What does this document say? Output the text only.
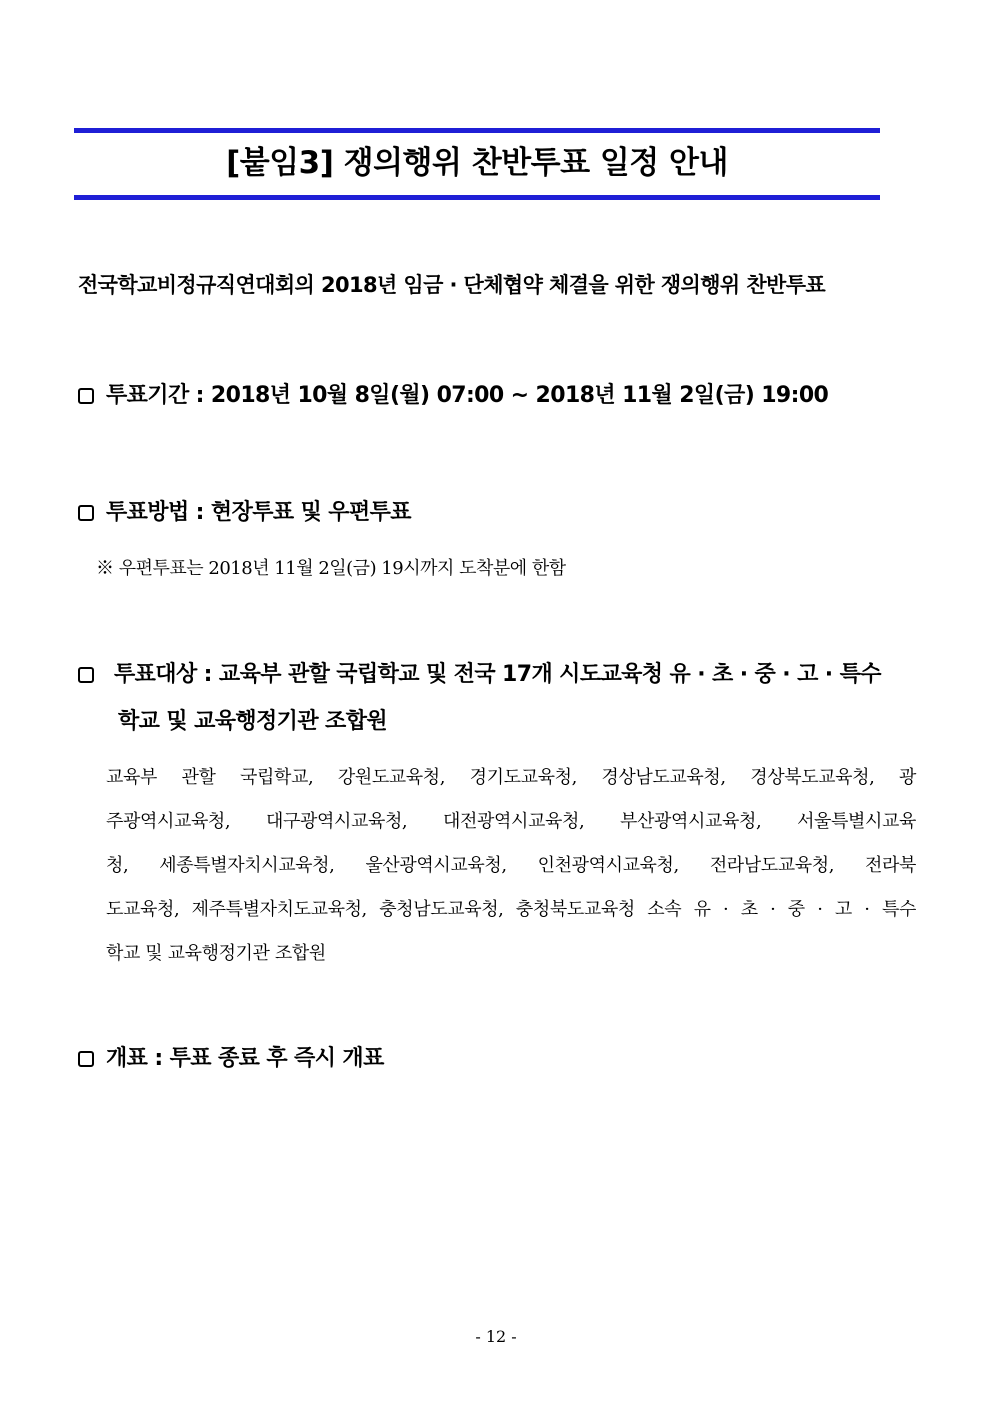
[붙임3] 쟁의행위 찬반투표 일정 안내
전국학교비정규직연대회의 2018년 임금 · 단체협약 체결을 위한 쟁의행위 찬반투표
투표기간 : 2018년 10월 8일(월) 07:00 ~ 2018년 11월 2일(금) 19:00
투표방법 : 현장투표 및 우편투표
※ 우편투표는 2018년 11월 2일(금) 19시까지 도착분에 한함
투표대상 : 교육부 관할 국립학교 및 전국 17개 시도교육청 유 · 초 · 중 · 고 · 특수
학교 및 교육행정기관 조합원
교육부 관할 국립학교, 강원도교육청, 경기도교육청, 경상남도교육청, 경상북도교육청, 광
주광역시교육청, 대구광역시교육청, 대전광역시교육청, 부산광역시교육청, 서울특별시교육
청, 세종특별자치시교육청, 울산광역시교육청, 인천광역시교육청, 전라남도교육청, 전라북
도교육청, 제주특별자치도교육청, 충청남도교육청, 충청북도교육청 소속 유 · 초 · 중 · 고 · 특수
학교 및 교육행정기관 조합원
개표 : 투표 종료 후 즉시 개표
- 12 -
